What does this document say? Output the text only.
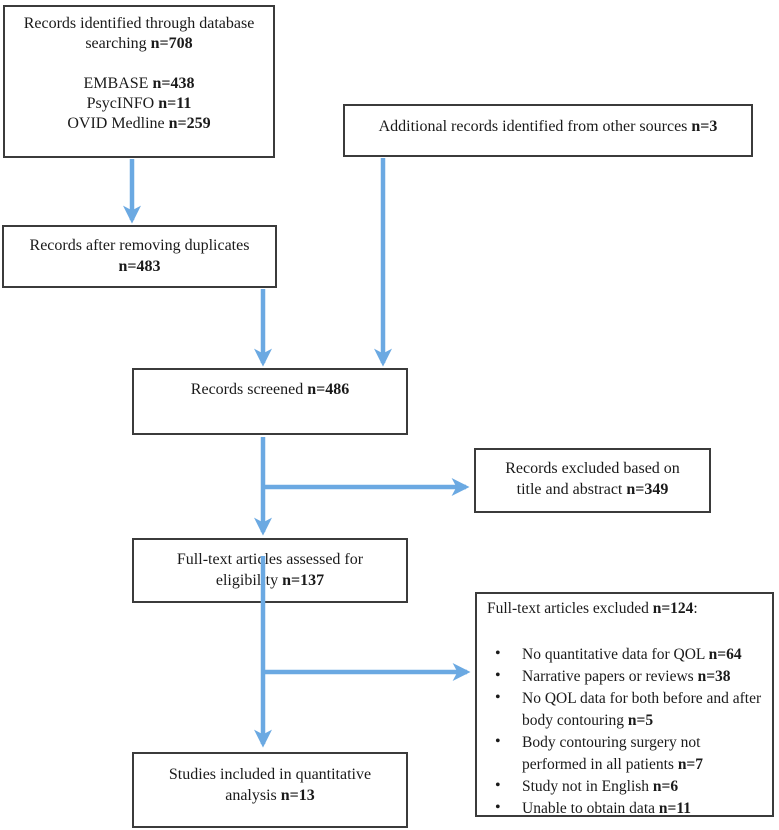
Records identified through database
searching n=708

EMBASE n=438
PsycINFO n=11
OVID Medline n=259	Additional records identified from other sources n=3
Records after removing duplicates
n=483
Records screened n=486
Records excluded based on
title and abstract n=349
Full-text articles assessed for
eligibility n=137
Full-text articles excluded n=124:
• No quantitative data for QOL n=64
• Narrative papers or reviews n=38
• No QOL data for both before and after body contouring n=5
• Body contouring surgery not performed in all patients n=7
• Study not in English n=6
• Unable to obtain data n=11
Studies included in quantitative
analysis n=13
